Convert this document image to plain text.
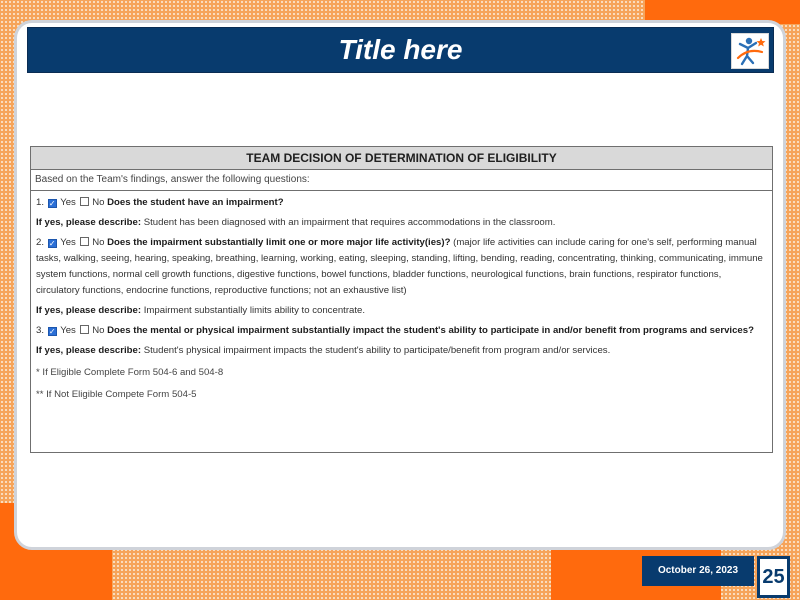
Title here
TEAM DECISION OF DETERMINATION OF ELIGIBILITY
Based on the Team's findings, answer the following questions:
1. ✓ Yes No Does the student have an impairment?
If yes, please describe: Student has been diagnosed with an impairment that requires accommodations in the classroom.
2. ✓ Yes No Does the impairment substantially limit one or more major life activity(ies)? (major life activities can include caring for one's self, performing manual tasks, walking, seeing, hearing, speaking, breathing, learning, working, eating, sleeping, standing, lifting, bending, reading, concentrating, thinking, communicating, immune system functions, normal cell growth functions, digestive functions, bowel functions, bladder functions, neurological functions, brain functions, respirator functions, circulatory functions, endocrine functions, reproductive functions; not an exhaustive list)
If yes, please describe: Impairment substantially limits ability to concentrate.
3. ✓ Yes No Does the mental or physical impairment substantially impact the student's ability to participate in and/or benefit from programs and services?
If yes, please describe: Student's physical impairment impacts the student's ability to participate/benefit from program and/or services.
* If Eligible Complete Form 504-6 and 504-8
** If Not Eligible Compete Form 504-5
October 26, 2023	25
